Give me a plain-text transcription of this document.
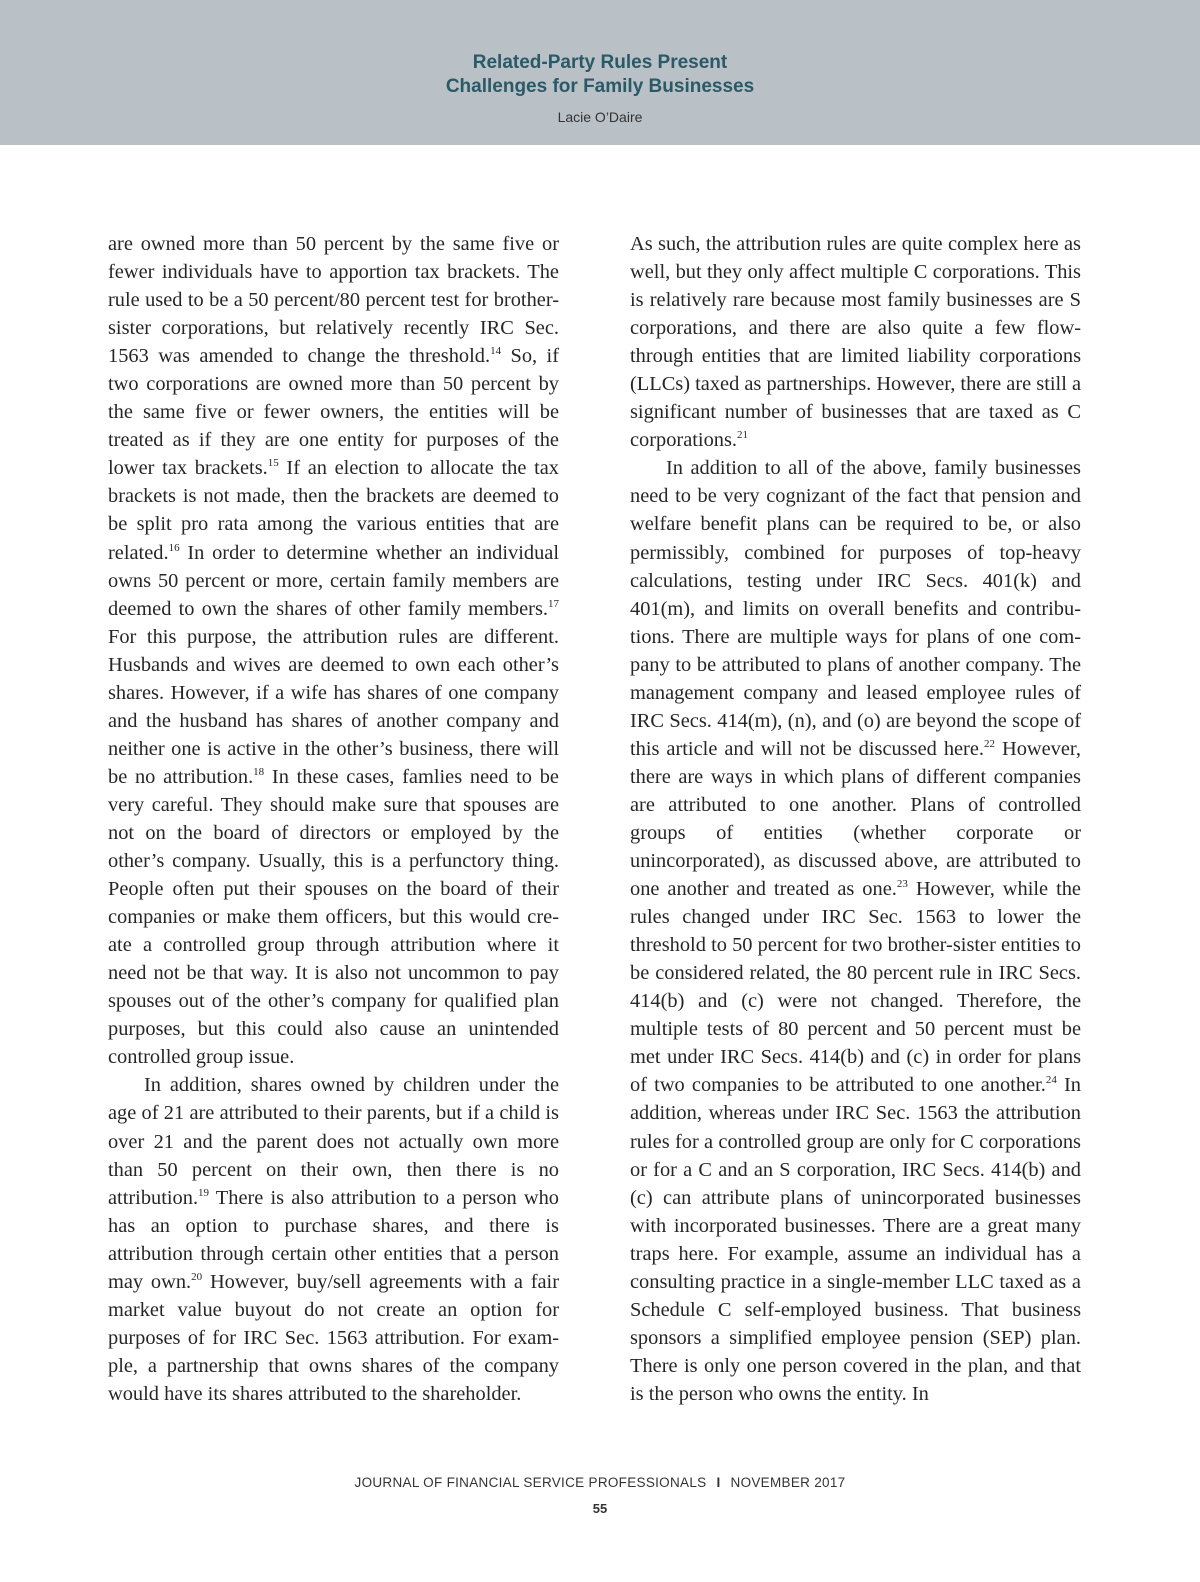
Related-Party Rules Present
Challenges for Family Businesses
Lacie O’Daire

are owned more than 50 percent by the same five or fewer individuals have to apportion tax brackets. The rule used to be a 50 percent/80 percent test for brother-sister corporations, but relatively recently IRC Sec. 1563 was amended to change the threshold.$^{14}$ So, if two corporations are owned more than 50 percent by the same five or fewer owners, the entities will be treated as if they are one entity for purposes of the lower tax brackets.$^{15}$ If an election to allocate the tax brackets is not made, then the brackets are deemed to be split pro rata among the various entities that are related.$^{16}$ In order to determine whether an individual owns 50 percent or more, certain family members are deemed to own the shares of other family members.$^{17}$ For this purpose, the attribution rules are different. Husbands and wives are deemed to own each other’s shares. However, if a wife has shares of one company and the husband has shares of another company and neither one is active in the other’s business, there will be no attribution.$^{18}$ In these cases, famlies need to be very careful. They should make sure that spouses are not on the board of directors or employed by the other’s company. Usually, this is a perfunctory thing. People often put their spouses on the board of their companies or make them officers, but this would create a controlled group through attribution where it need not be that way. It is also not uncommon to pay spouses out of the other’s company for qualified plan purposes, but this could also cause an unintended controlled group issue.

In addition, shares owned by children under the age of 21 are attributed to their parents, but if a child is over 21 and the parent does not actually own more than 50 percent on their own, then there is no attribution.$^{19}$ There is also attribution to a person who has an option to purchase shares, and there is attribution through certain other entities that a person may own.$^{20}$ However, buy/sell agreements with a fair market value buyout do not create an option for purposes of for IRC Sec. 1563 attribution. For example, a partnership that owns shares of the company would have its shares attributed to the shareholder.

As such, the attribution rules are quite complex here as well, but they only affect multiple C corporations. This is relatively rare because most family businesses are S corporations, and there are also quite a few flow-through entities that are limited liability corporations (LLCs) taxed as partnerships. However, there are still a significant number of businesses that are taxed as C corporations.$^{21}$

In addition to all of the above, family businesses need to be very cognizant of the fact that pension and welfare benefit plans can be required to be, or also permissibly, combined for purposes of top-heavy calculations, testing under IRC Secs. 401(k) and 401(m), and limits on overall benefits and contributions. There are multiple ways for plans of one company to be attributed to plans of another company. The management company and leased employee rules of IRC Secs. 414(m), (n), and (o) are beyond the scope of this article and will not be discussed here.$^{22}$ However, there are ways in which plans of different companies are attributed to one another. Plans of controlled groups of entities (whether corporate or unincorporated), as discussed above, are attributed to one another and treated as one.$^{23}$ However, while the rules changed under IRC Sec. 1563 to lower the threshold to 50 percent for two brother-sister entities to be considered related, the 80 percent rule in IRC Secs. 414(b) and (c) were not changed. Therefore, the multiple tests of 80 percent and 50 percent must be met under IRC Secs. 414(b) and (c) in order for plans of two companies to be attributed to one another.$^{24}$ In addition, whereas under IRC Sec. 1563 the attribution rules for a controlled group are only for C corporations or for a C and an S corporation, IRC Secs. 414(b) and (c) can attribute plans of unincorporated businesses with incorporated businesses. There are a great many traps here. For example, assume an individual has a consulting practice in a single-member LLC taxed as a Schedule C self-employed business. That business sponsors a simplified employee pension (SEP) plan. There is only one person covered in the plan, and that is the person who owns the entity. In

JOURNAL OF FINANCIAL SERVICE PROFESSIONALS I NOVEMBER 2017
55
